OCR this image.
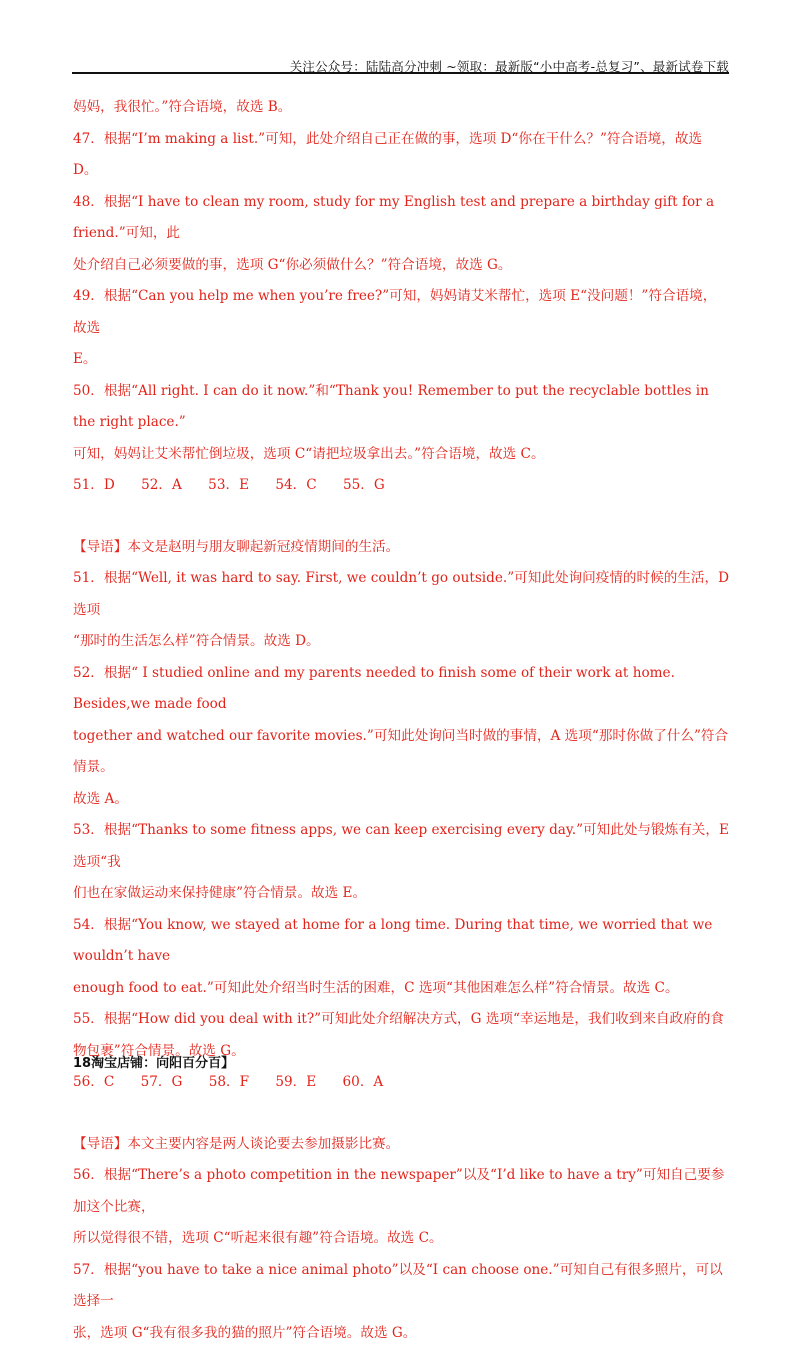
关注公众号：陆陆高分冲刺 ~领取：最新版“小中高考-总复习”、最新试卷下载

妈妈，我很忙。”符合语境，故选 B。

47．根据“I’m making a list.”可知，此处介绍自己正在做的事，选项 D“你在干什么？”符合语境，故选

D。

48．根据“I have to clean my room, study for my English test and prepare a birthday gift for a friend.”可知，此

处介绍自己必须要做的事，选项 G“你必须做什么？”符合语境，故选 G。

49．根据“Can you help me when you’re free?”可知，妈妈请艾米帮忙，选项 E“没问题！”符合语境，故选

E。

50．根据“All right. I can do it now.”和“Thank you! Remember to put the recyclable bottles in the right place.”

可知，妈妈让艾米帮忙倒垃圾，选项 C“请把垃圾拿出去。”符合语境，故选 C。

51．D 52．A 53．E 54．C 55．G

【导语】本文是赵明与朋友聊起新冠疫情期间的生活。

51．根据“Well, it was hard to say. First, we couldn’t go outside.”可知此处询问疫情的时候的生活，D 选项

“那时的生活怎么样”符合情景。故选 D。

52．根据“ I studied online and my parents needed to finish some of their work at home. Besides,we made food

together and watched our favorite movies.”可知此处询问当时做的事情，A 选项“那时你做了什么”符合情景。

故选 A。

53．根据“Thanks to some fitness apps, we can keep exercising every day.”可知此处与锻炼有关，E 选项“我

们也在家做运动来保持健康”符合情景。故选 E。

54．根据“You know, we stayed at home for a long time. During that time, we worried that we wouldn’t have

enough food to eat.”可知此处介绍当时生活的困难，C 选项“其他困难怎么样”符合情景。故选 C。

55．根据“How did you deal with it?”可知此处介绍解决方式，G 选项“幸运地是，我们收到来自政府的食

物包裹”符合情景。故选 G。

56．C 57．G 58．F 59．E 60．A

【导语】本文主要内容是两人谈论要去参加摄影比赛。

56．根据“There’s a photo competition in the newspaper”以及“I’d like to have a try”可知自己要参加这个比赛，

所以觉得很不错，选项 C“听起来很有趣”符合语境。故选 C。

57．根据“you have to take a nice animal photo”以及“I can choose one.”可知自己有很多照片，可以选择一

张，选项 G“我有很多我的猫的照片”符合语境。故选 G。

18淘宝店铺：向阳百分百】
